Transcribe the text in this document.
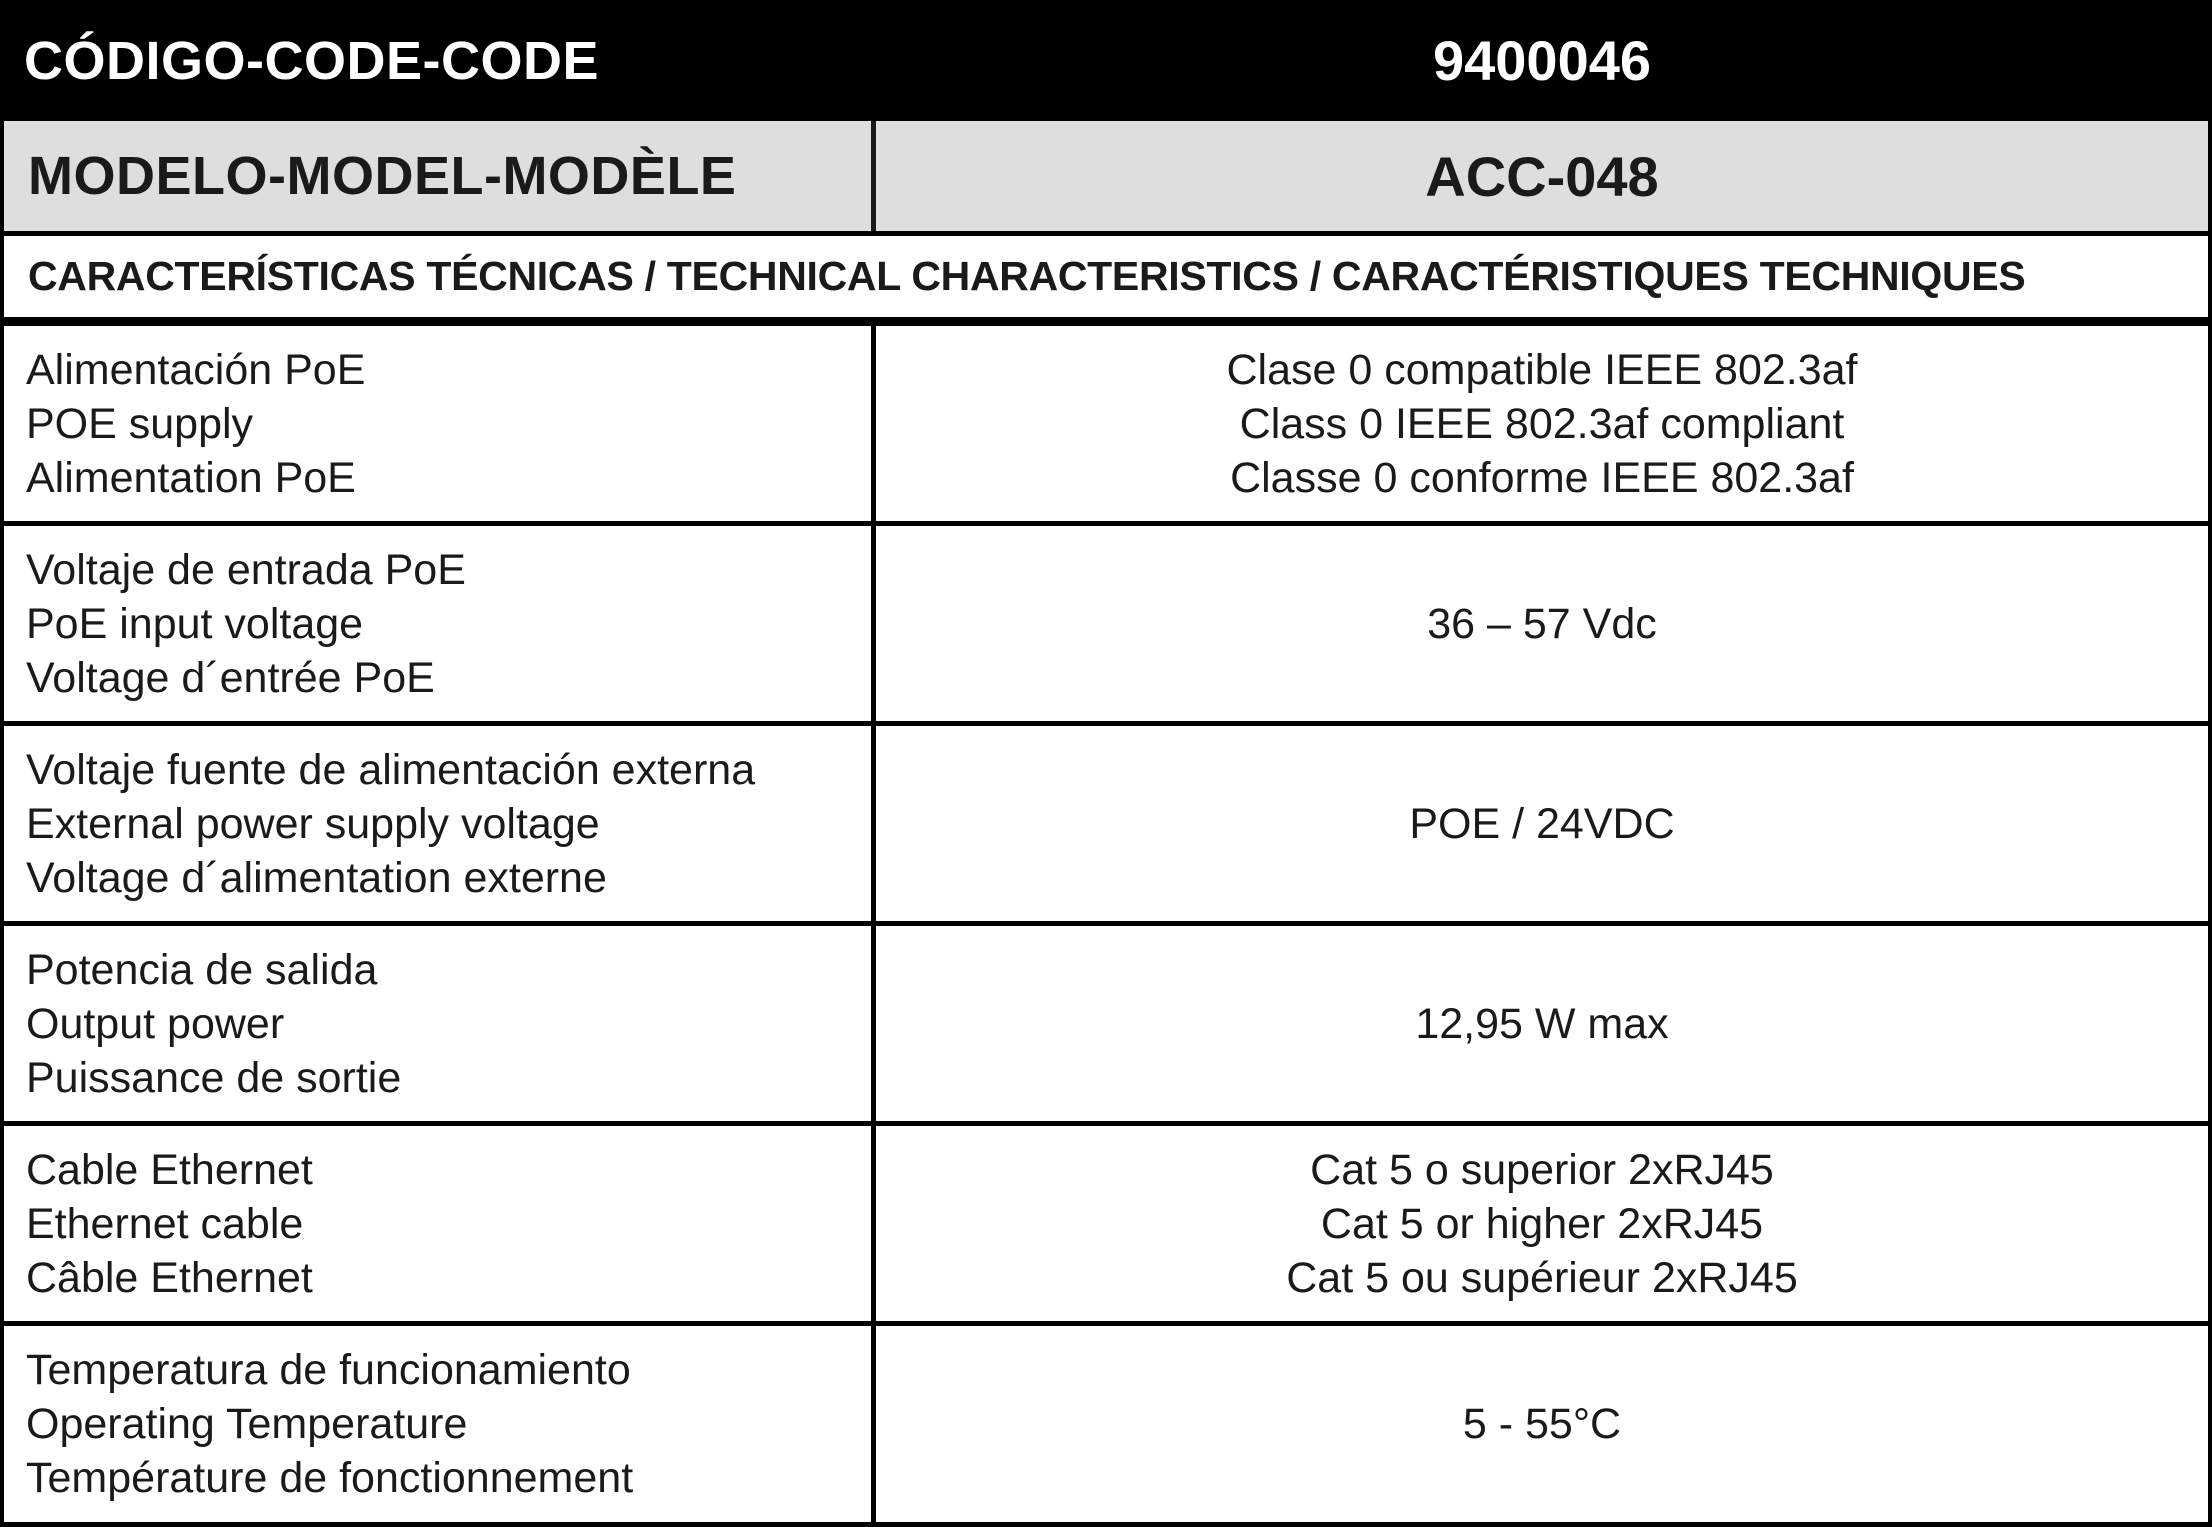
CÓDIGO-CODE-CODE	9400046
MODELO-MODEL-MODÈLE	ACC-048
CARACTERÍSTICAS TÉCNICAS / TECHNICAL CHARACTERISTICS / CARACTÉRISTIQUES TECHNIQUES
Alimentación PoE
POE supply
Alimentation PoE
Clase 0 compatible IEEE 802.3af
Class 0 IEEE 802.3af compliant
Classe 0 conforme IEEE 802.3af
Voltaje de entrada PoE
PoE input voltage
Voltage d´entrée PoE
36 – 57 Vdc
Voltaje fuente de alimentación externa
External power supply voltage
Voltage d´alimentation externe
POE / 24VDC
Potencia de salida
Output power
Puissance de sortie
12,95 W max
Cable Ethernet
Ethernet cable
Câble Ethernet
Cat 5 o superior 2xRJ45
Cat 5 or higher 2xRJ45
Cat 5 ou supérieur 2xRJ45
Temperatura de funcionamiento
Operating Temperature
Température de fonctionnement
5 - 55°C
